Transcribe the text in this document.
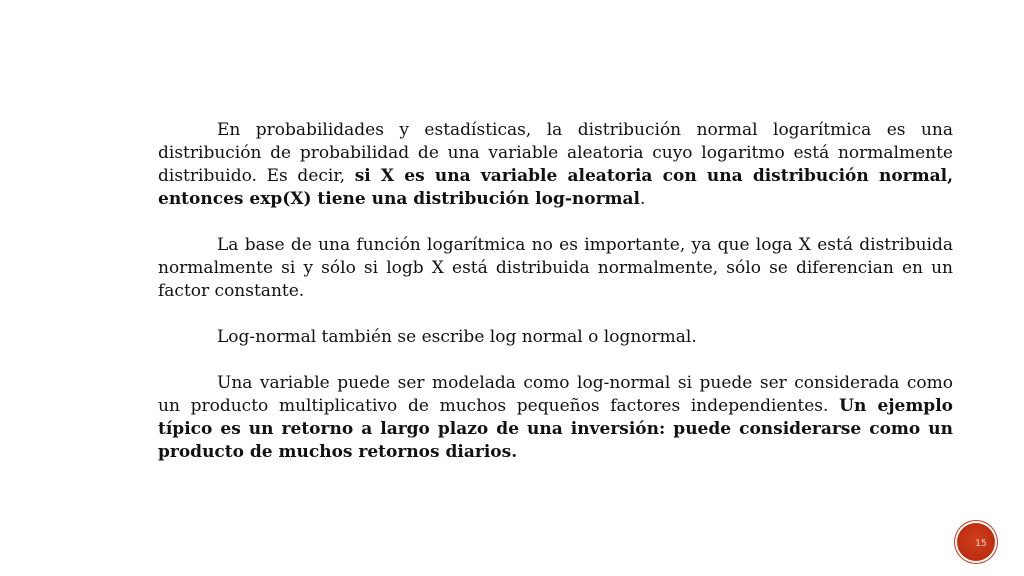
En probabilidades y estadísticas, la distribución normal logarítmica es una distribución de probabilidad de una variable aleatoria cuyo logaritmo está normalmente distribuido. Es decir, si X es una variable aleatoria con una distribución normal, entonces exp(X) tiene una distribución log-normal.

La base de una función logarítmica no es importante, ya que loga X está distribuida normalmente si y sólo si logb X está distribuida normalmente, sólo se diferencian en un factor constante.

Log-normal también se escribe log normal o lognormal.

Una variable puede ser modelada como log-normal si puede ser considerada como un producto multiplicativo de muchos pequeños factores independientes. Un ejemplo típico es un retorno a largo plazo de una inversión: puede considerarse como un producto de muchos retornos diarios.

15
